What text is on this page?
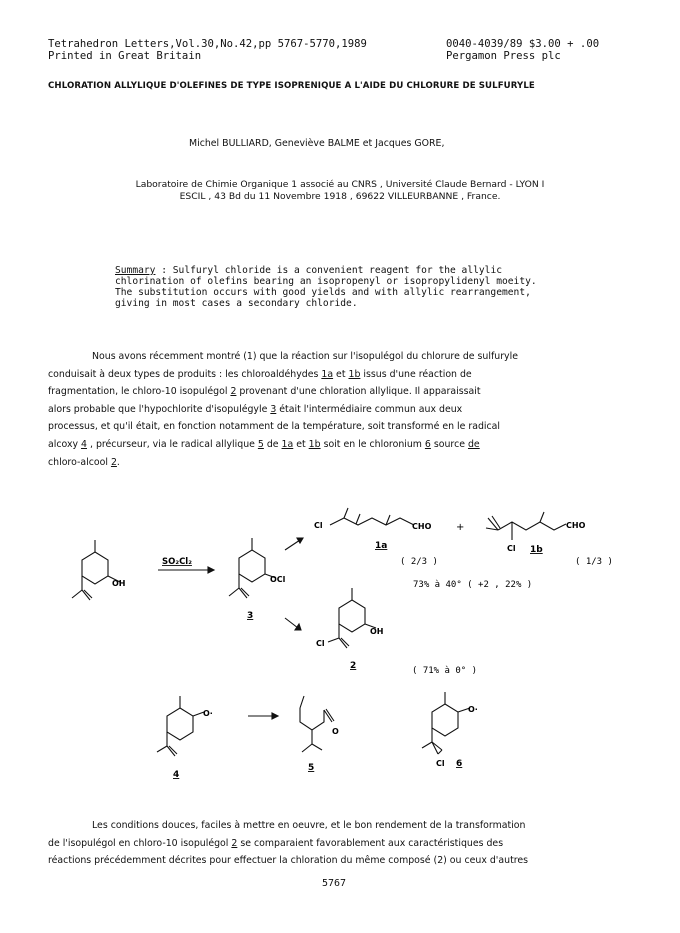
Tetrahedron Letters,Vol.30,No.42,pp 5767-5770,1989
Printed in Great Britain
0040-4039/89 $3.00 + .00
Pergamon Press plc
CHLORATION ALLYLIQUE D'OLEFINES DE TYPE ISOPRENIQUE A L'AIDE DU CHLORURE DE SULFURYLE
Michel BULLIARD, Geneviève BALME et Jacques GORE,
Laboratoire de Chimie Organique 1 associé au CNRS , Université Claude Bernard - LYON I
ESCIL , 43 Bd du 11 Novembre 1918 , 69622 VILLEURBANNE , France.
Summary : Sulfuryl chloride is a convenient reagent for the allylic
chlorination of olefins bearing an isopropenyl or isopropylidenyl moeity.
The substitution occurs with good yields and with allylic rearrangement,
giving in most cases a secondary chloride.
Nous avons récemment montré (1) que la réaction sur l'isopulégol du chlorure de sulfuryle
conduisait à deux types de produits : les chloroaldéhydes 1a et 1b issus d'une réaction de
fragmentation, le chloro-10 isopulégol 2 provenant d'une chloration allylique. Il apparaissait
alors probable que l'hypochlorite d'isopulégyle 3 était l'intermédiaire commun aux deux
processus, et qu'il était, en fonction notamment de la température, soit transformé en le radical
alcoxy 4 , précurseur, via le radical allylique 5 de 1a et 1b soit en le chloronium 6 source de
chloro-alcool 2.
OH
SO₂Cl₂
OCl
3
Cl	CHO +	CHO
Cl
1a	1b
( 2/3 )	( 1/3 )
73% à 40° ( +2 , 22% )
OH
Cl
2	( 71% à 0° )
O·
4
O
5
O·
Cl 6
Les conditions douces, faciles à mettre en oeuvre, et le bon rendement de la transformation
de l'isopulégol en chloro-10 isopulégol 2 se comparaient favorablement aux caractéristiques des
réactions précédemment décrites pour effectuer la chloration du même composé (2) ou ceux d'autres
5767
